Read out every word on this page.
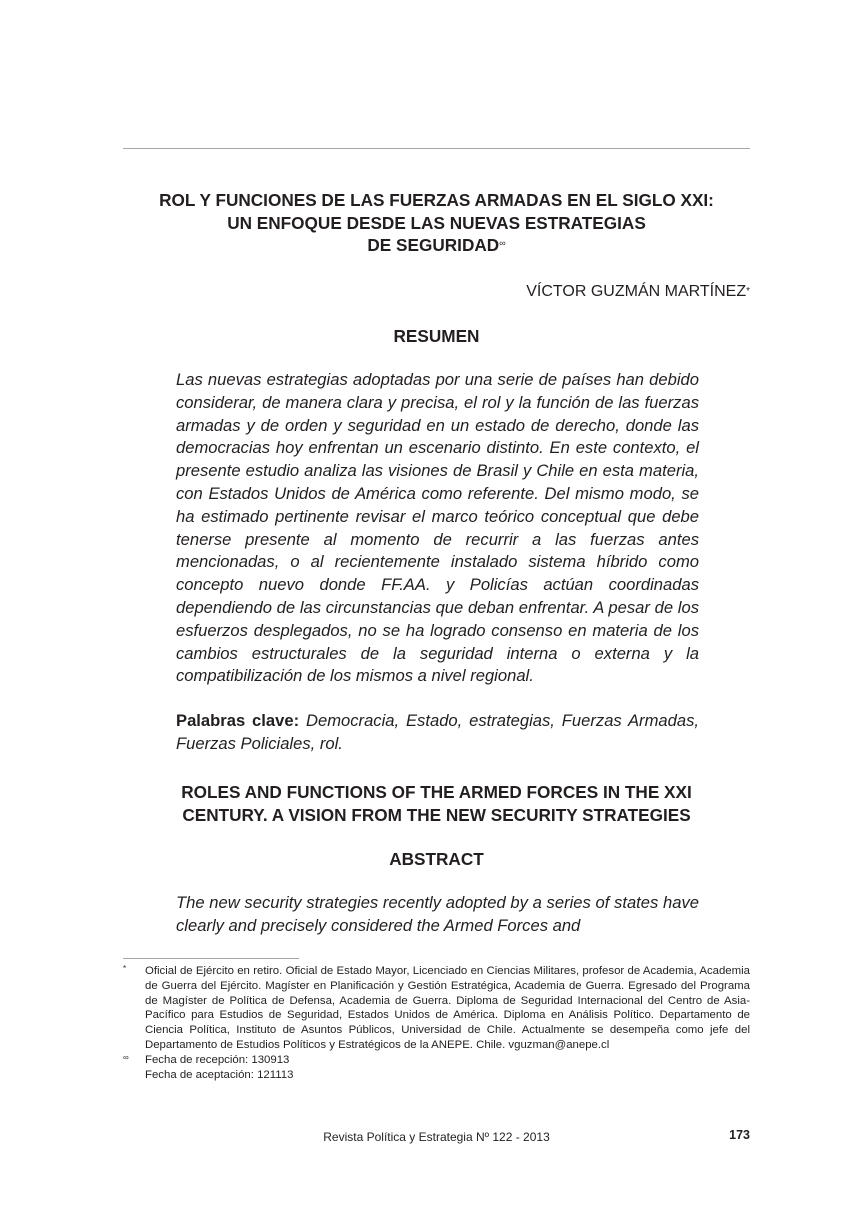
ROL Y FUNCIONES DE LAS FUERZAS ARMADAS EN EL SIGLO XXI:
UN ENFOQUE DESDE LAS NUEVAS ESTRATEGIAS
DE SEGURIDAD∞

VÍCTOR GUZMÁN MARTÍNEZ*

RESUMEN

Las nuevas estrategias adoptadas por una serie de países han debido considerar, de manera clara y precisa, el rol y la función de las fuerzas armadas y de orden y seguridad en un estado de derecho, donde las democracias hoy enfrentan un escenario distinto. En este contexto, el presente estudio analiza las visiones de Brasil y Chile en esta materia, con Estados Unidos de América como referente. Del mismo modo, se ha estimado pertinente revisar el marco teórico conceptual que debe tenerse presente al momento de recurrir a las fuerzas antes mencionadas, o al recientemente instalado sistema híbrido como concepto nuevo donde FF.AA. y Policías actúan coordinadas dependiendo de las circunstancias que deban enfrentar. A pesar de los esfuerzos desplegados, no se ha logrado consenso en materia de los cambios estructurales de la seguridad interna o externa y la compatibilización de los mismos a nivel regional.

Palabras clave: Democracia, Estado, estrategias, Fuerzas Armadas, Fuerzas Policiales, rol.

ROLES AND FUNCTIONS OF THE ARMED FORCES IN THE XXI
CENTURY. A VISION FROM THE NEW SECURITY STRATEGIES
ABSTRACT

The new security strategies recently adopted by a series of states have clearly and precisely considered the Armed Forces and

* Oficial de Ejército en retiro. Oficial de Estado Mayor, Licenciado en Ciencias Militares, profesor de Academia, Academia de Guerra del Ejército. Magíster en Planificación y Gestión Estratégica, Academia de Guerra. Egresado del Programa de Magíster de Política de Defensa, Academia de Guerra. Diploma de Seguridad Internacional del Centro de Asia-Pacífico para Estudios de Seguridad, Estados Unidos de América. Diploma en Análisis Político. Departamento de Ciencia Política, Instituto de Asuntos Públicos, Universidad de Chile. Actualmente se desempeña como jefe del Departamento de Estudios Políticos y Estratégicos de la ANEPE. Chile. vguzman@anepe.cl

∞ Fecha de recepción: 130913

Fecha de aceptación: 121113

Revista Política y Estrategia Nº 122 - 2013	173
